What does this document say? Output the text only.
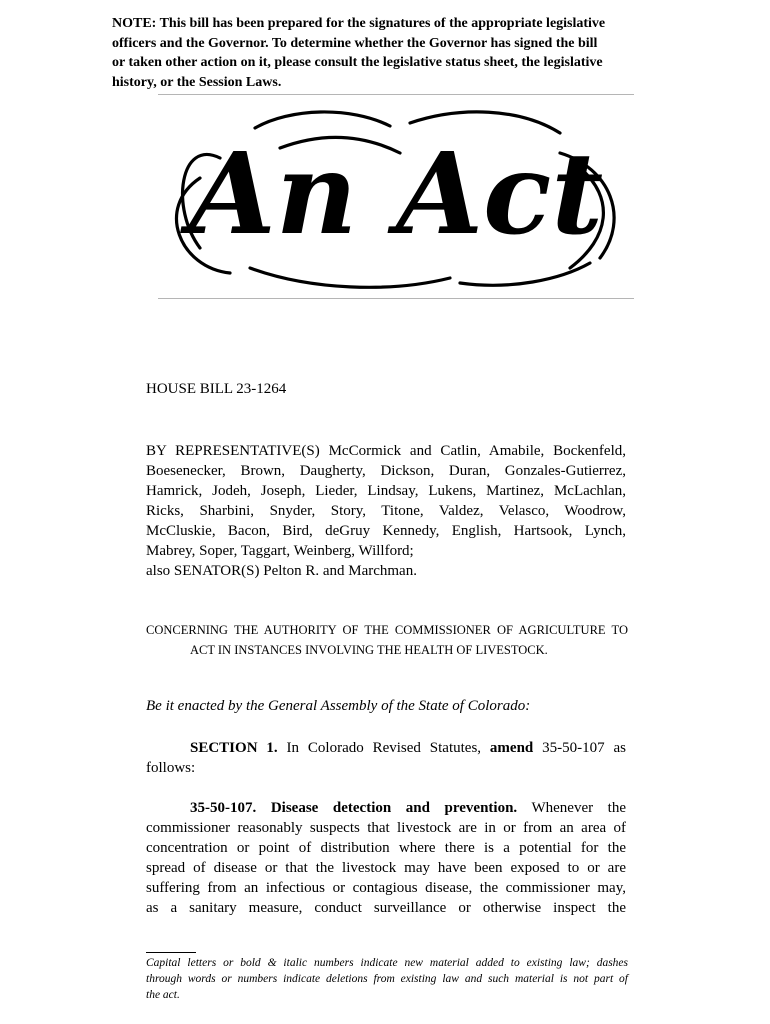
NOTE: This bill has been prepared for the signatures of the appropriate legislative
officers and the Governor. To determine whether the Governor has signed the bill
or taken other action on it, please consult the legislative status sheet, the legislative
history, or the Session Laws.
An Act
HOUSE BILL 23-1264
BY REPRESENTATIVE(S) McCormick and Catlin, Amabile, Bockenfeld,
Boesenecker, Brown, Daugherty, Dickson, Duran, Gonzales-Gutierrez,
Hamrick, Jodeh, Joseph, Lieder, Lindsay, Lukens, Martinez, McLachlan,
Ricks, Sharbini, Snyder, Story, Titone, Valdez, Velasco, Woodrow,
McCluskie, Bacon, Bird, deGruy Kennedy, English, Hartsook, Lynch,
Mabrey, Soper, Taggart, Weinberg, Willford;
also SENATOR(S) Pelton R. and Marchman.
CONCERNING THE AUTHORITY OF THE COMMISSIONER OF AGRICULTURE TO
ACT IN INSTANCES INVOLVING THE HEALTH OF LIVESTOCK.
Be it enacted by the General Assembly of the State of Colorado:
SECTION 1. In Colorado Revised Statutes, amend 35-50-107 as
follows:
35-50-107. Disease detection and prevention. Whenever the
commissioner reasonably suspects that livestock are in or from an area of
concentration or point of distribution where there is a potential for the
spread of disease or that the livestock may have been exposed to or are
suffering from an infectious or contagious disease, the commissioner may,
as a sanitary measure, conduct surveillance or otherwise inspect the
Capital letters or bold & italic numbers indicate new material added to existing law; dashes
through words or numbers indicate deletions from existing law and such material is not part of
the act.
